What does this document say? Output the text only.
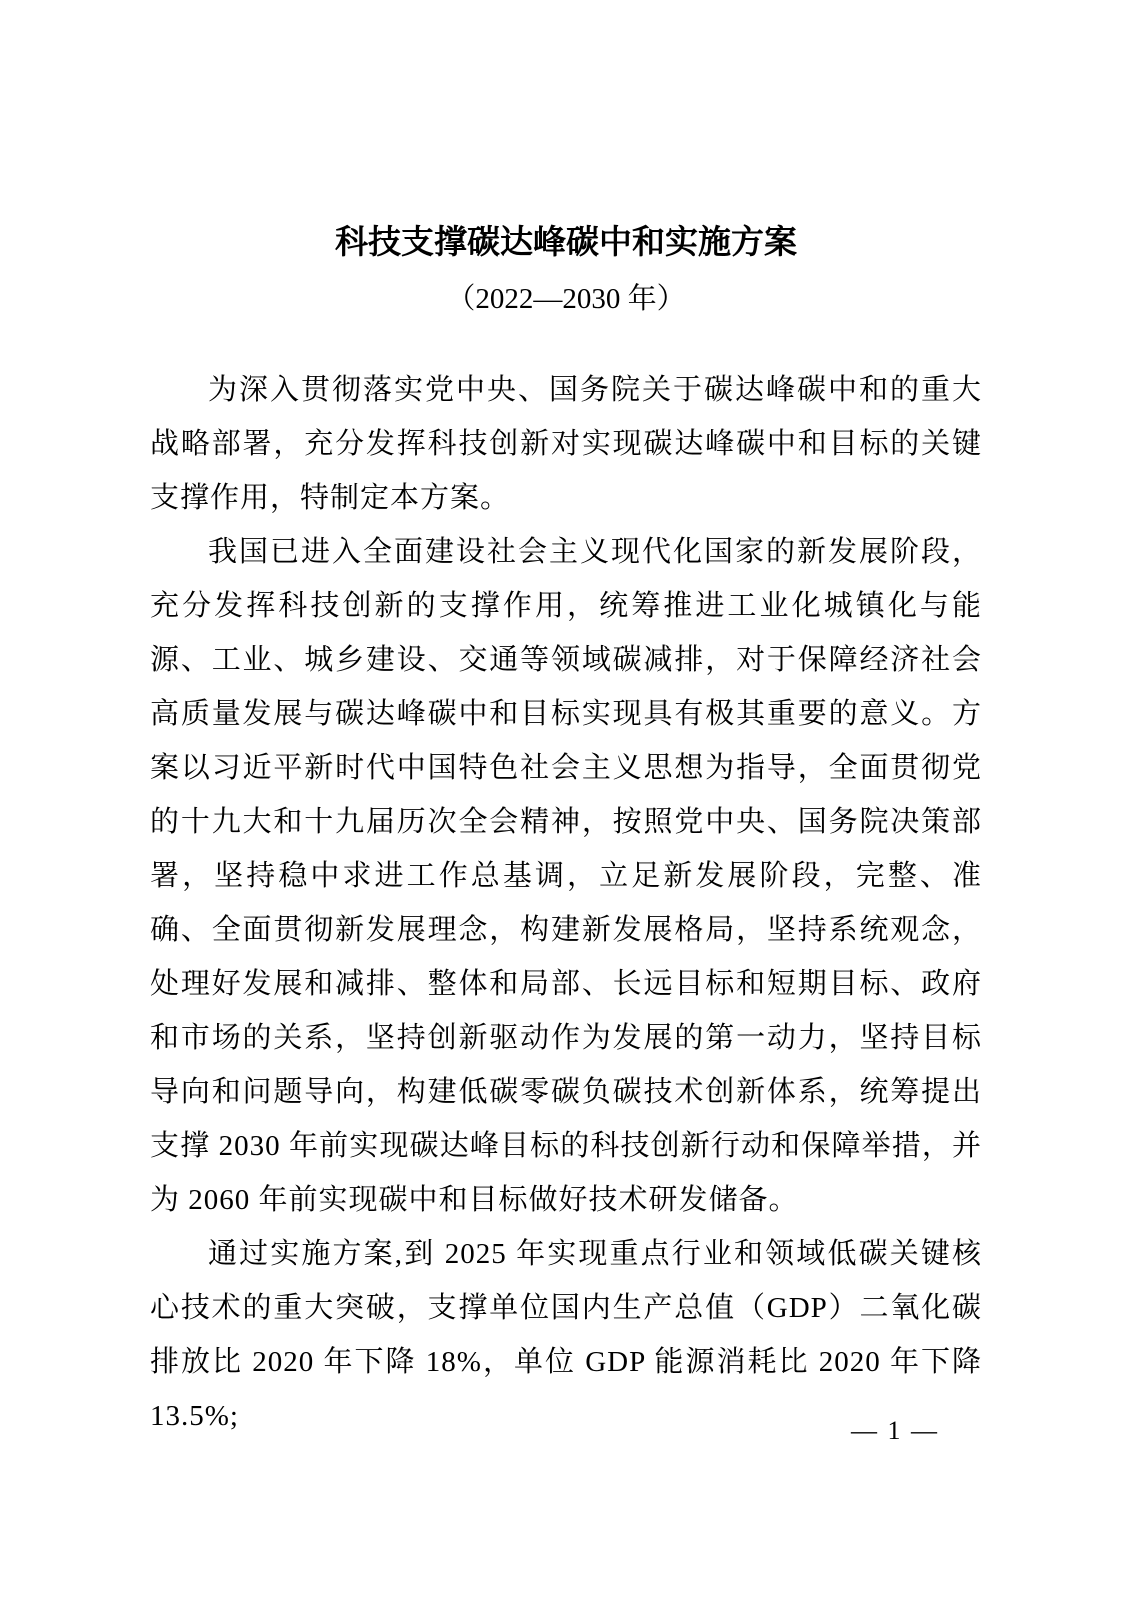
科技支撑碳达峰碳中和实施方案
（2022—2030 年）

为深入贯彻落实党中央、国务院关于碳达峰碳中和的重大战略部署，充分发挥科技创新对实现碳达峰碳中和目标的关键支撑作用，特制定本方案。

我国已进入全面建设社会主义现代化国家的新发展阶段，充分发挥科技创新的支撑作用，统筹推进工业化城镇化与能源、工业、城乡建设、交通等领域碳减排，对于保障经济社会高质量发展与碳达峰碳中和目标实现具有极其重要的意义。方案以习近平新时代中国特色社会主义思想为指导，全面贯彻党的十九大和十九届历次全会精神，按照党中央、国务院决策部署，坚持稳中求进工作总基调，立足新发展阶段，完整、准确、全面贯彻新发展理念，构建新发展格局，坚持系统观念，处理好发展和减排、整体和局部、长远目标和短期目标、政府和市场的关系，坚持创新驱动作为发展的第一动力，坚持目标导向和问题导向，构建低碳零碳负碳技术创新体系，统筹提出支撑 2030 年前实现碳达峰目标的科技创新行动和保障举措，并为 2060 年前实现碳中和目标做好技术研发储备。

通过实施方案,到 2025 年实现重点行业和领域低碳关键核心技术的重大突破，支撑单位国内生产总值（GDP）二氧化碳排放比 2020 年下降 18%，单位 GDP 能源消耗比 2020 年下降 13.5%;	— 1 —
